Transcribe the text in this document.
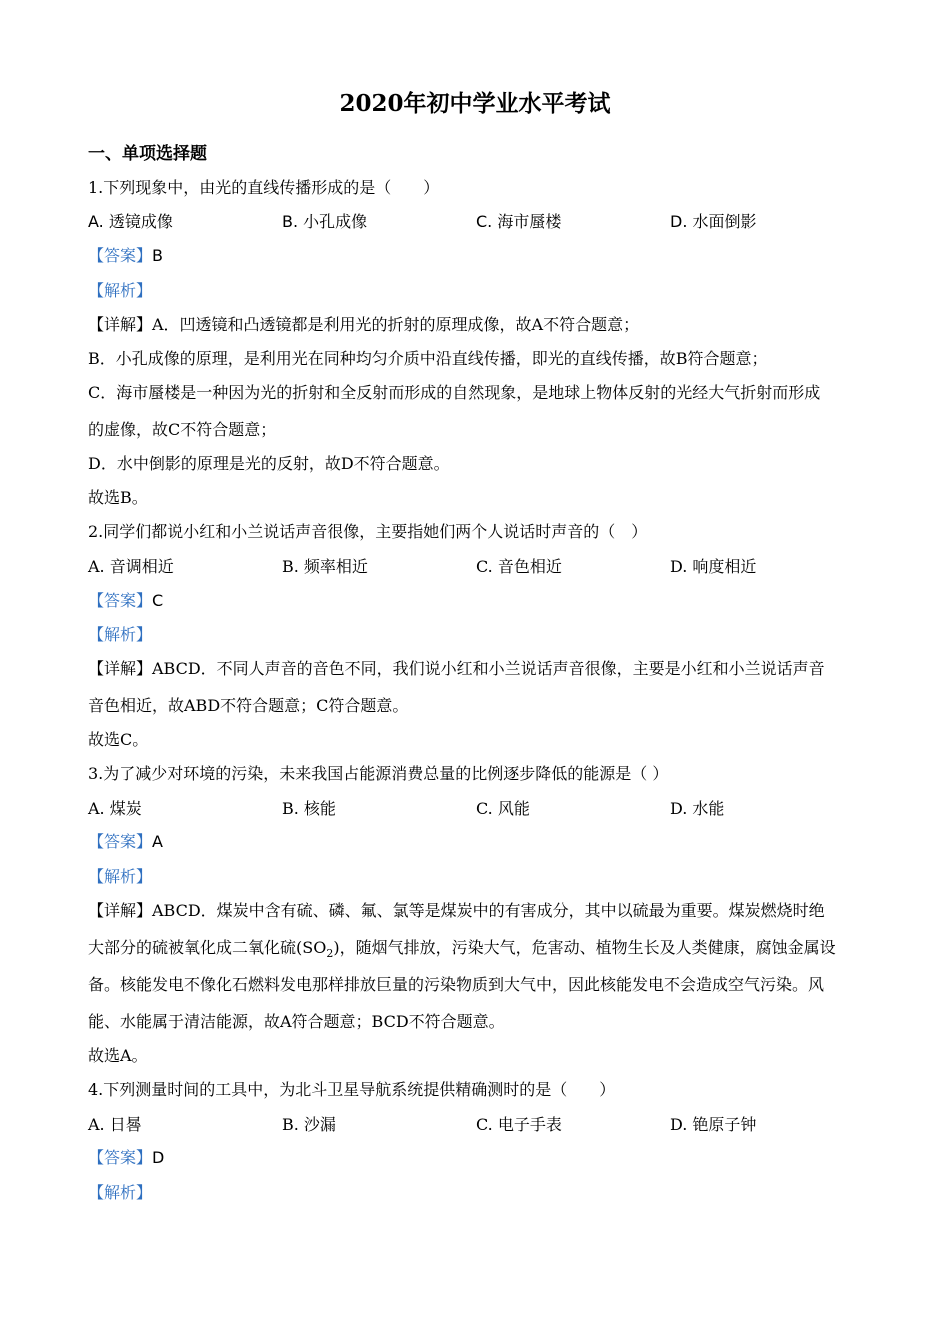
2020年初中学业水平考试
一、单项选择题
1.下列现象中，由光的直线传播形成的是（　　）
A. 透镜成像	B. 小孔成像	C. 海市蜃楼	D. 水面倒影
【答案】B
【解析】
【详解】A．凹透镜和凸透镜都是利用光的折射的原理成像，故A不符合题意；
B．小孔成像的原理，是利用光在同种均匀介质中沿直线传播，即光的直线传播，故B符合题意；
C．海市蜃楼是一种因为光的折射和全反射而形成的自然现象，是地球上物体反射的光经大气折射而形成
的虚像，故C不符合题意；
D．水中倒影的原理是光的反射，故D不符合题意。
故选B。
2.同学们都说小红和小兰说话声音很像，主要指她们两个人说话时声音的（　）
A. 音调相近	B. 频率相近	C. 音色相近	D. 响度相近
【答案】C
【解析】
【详解】ABCD．不同人声音的音色不同，我们说小红和小兰说话声音很像，主要是小红和小兰说话声音
音色相近，故ABD不符合题意；C符合题意。
故选C。
3.为了减少对环境的污染，未来我国占能源消费总量的比例逐步降低的能源是（ ）
A. 煤炭	B. 核能	C. 风能	D. 水能
【答案】A
【解析】
【详解】ABCD．煤炭中含有硫、磷、氟、氯等是煤炭中的有害成分，其中以硫最为重要。煤炭燃烧时绝
大部分的硫被氧化成二氧化硫$(SO_2)$，随烟气排放，污染大气，危害动、植物生长及人类健康，腐蚀金属设
备。核能发电不像化石燃料发电那样排放巨量的污染物质到大气中，因此核能发电不会造成空气污染。风
能、水能属于清洁能源，故A符合题意；BCD不符合题意。
故选A。
4.下列测量时间的工具中，为北斗卫星导航系统提供精确测时的是（　　）
A. 日晷	B. 沙漏	C. 电子手表	D. 铯原子钟
【答案】D
【解析】
